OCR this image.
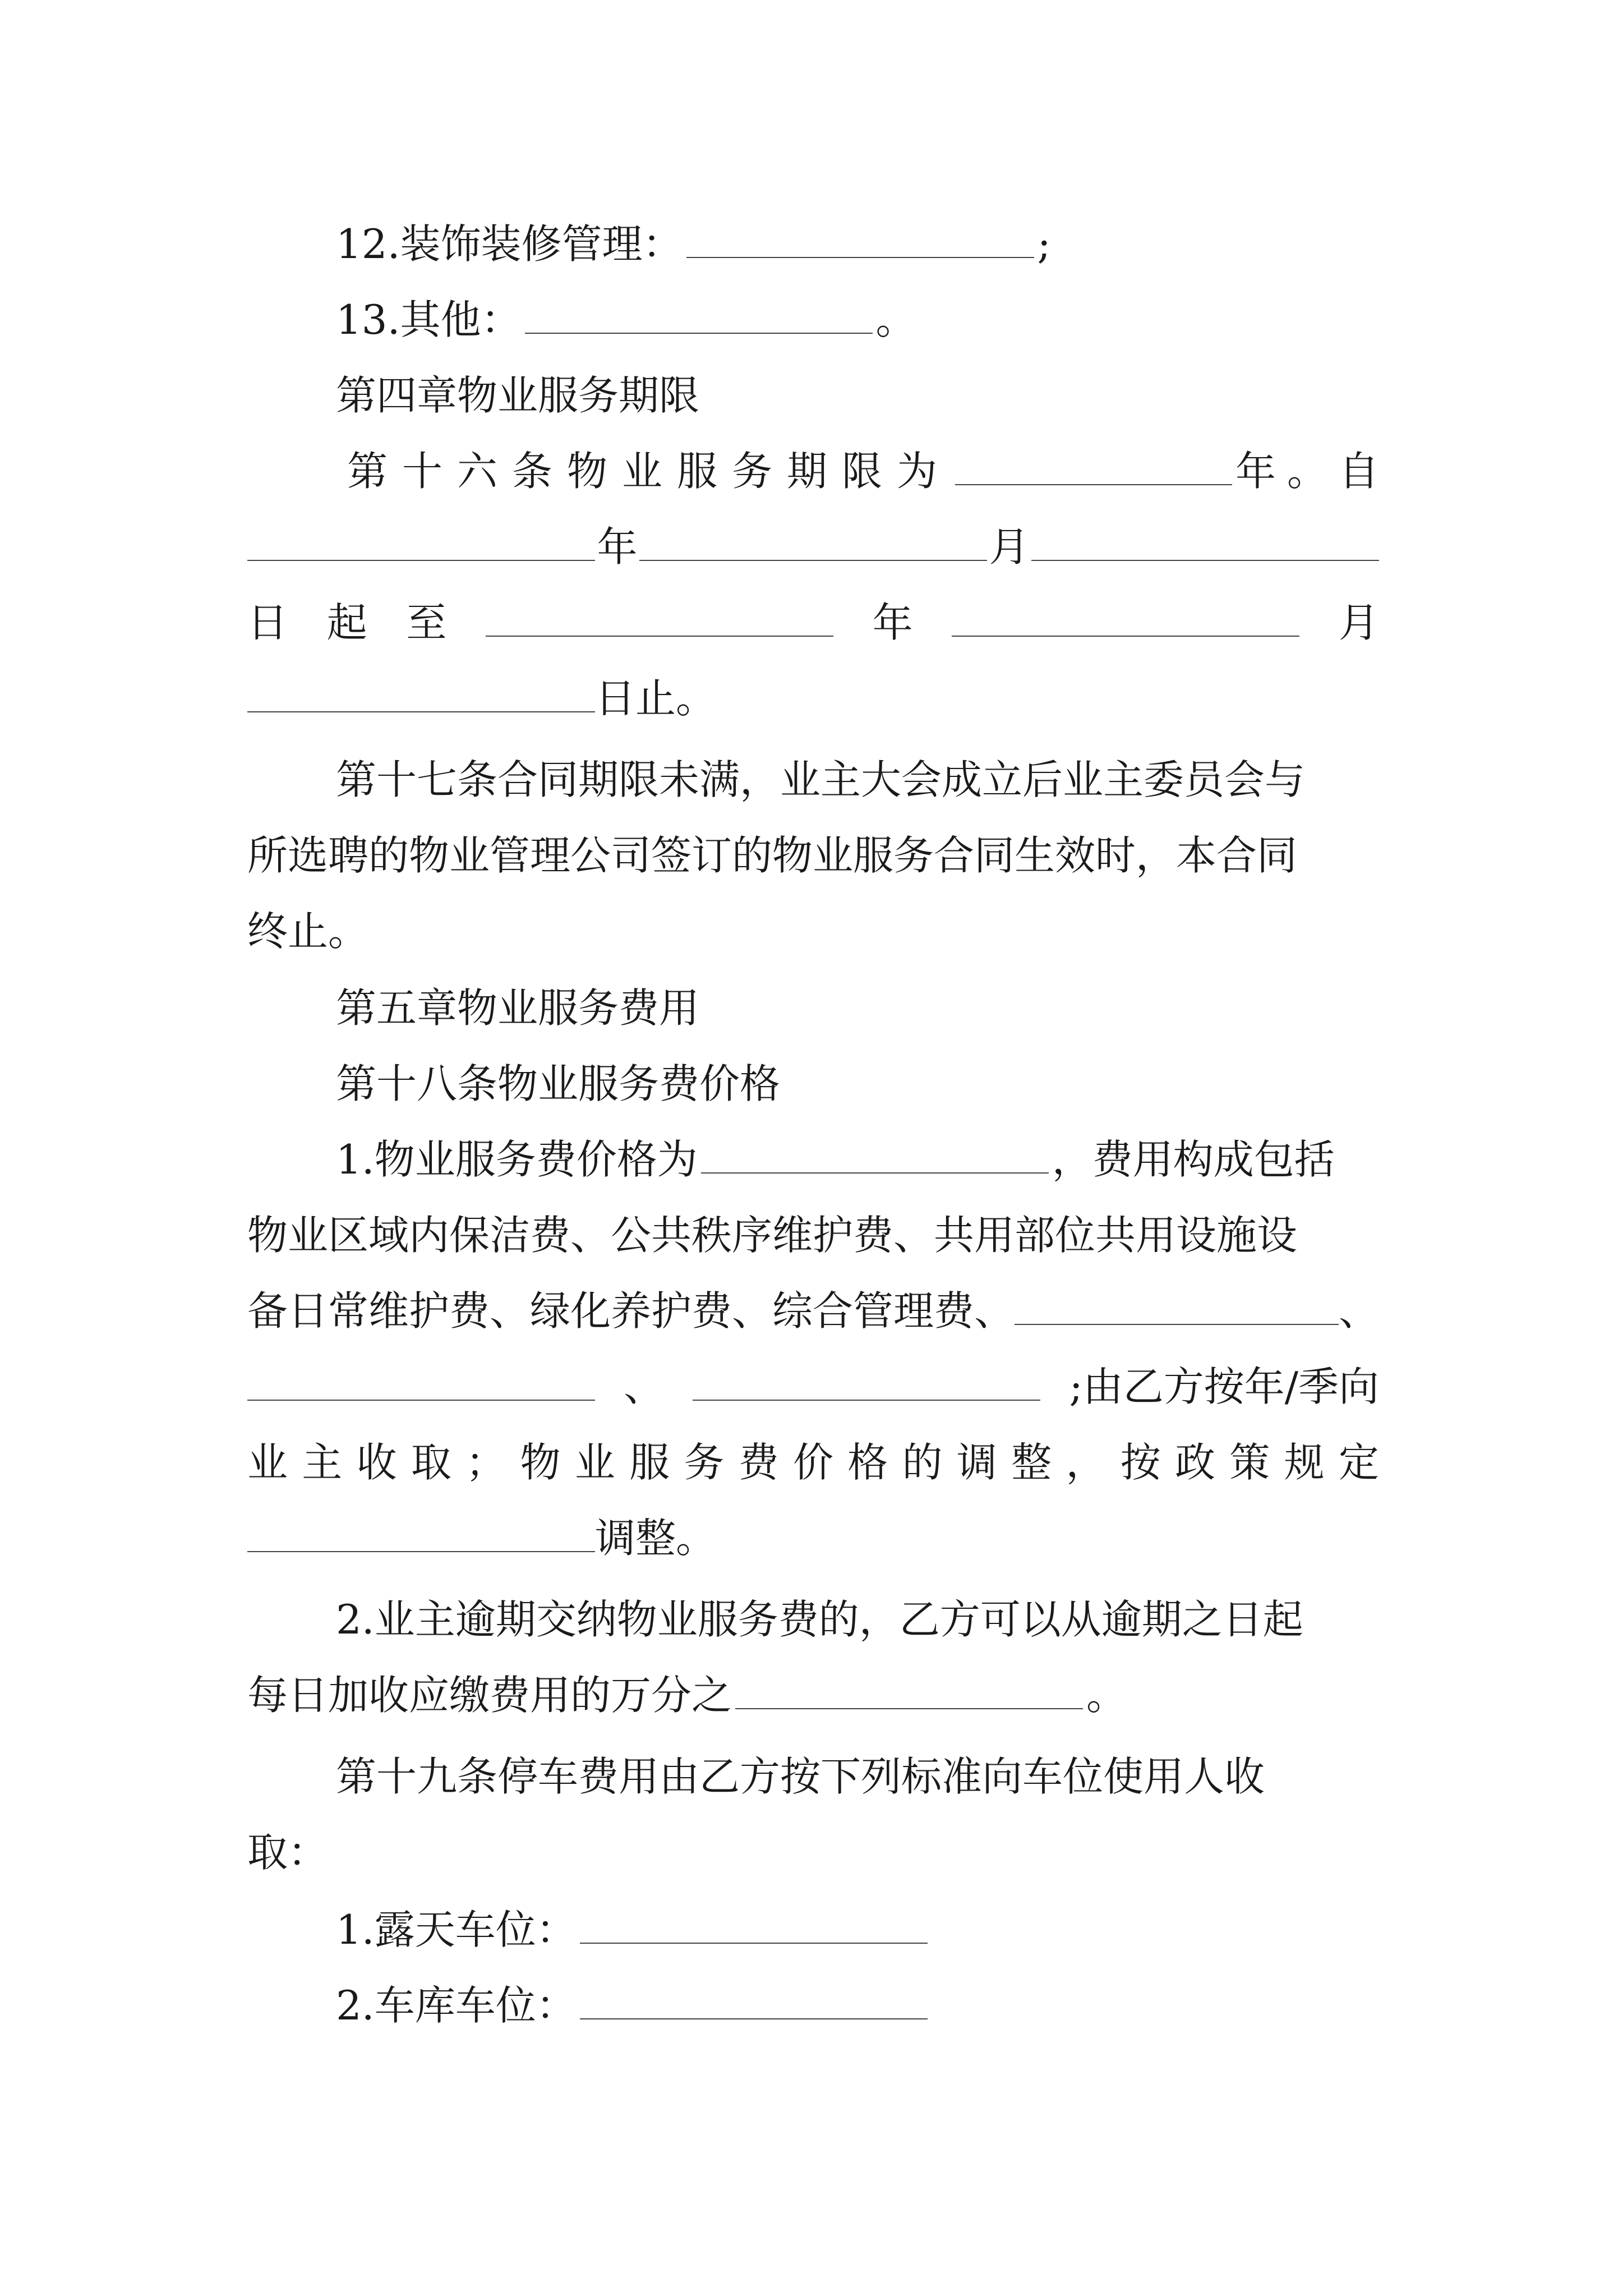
12.装饰装修管理：	;
13.其他：	。
第四章物业服务期限
第十六条物业服务期限为	年。自
年	月
日 起 至	年	月
日止。
第十七条合同期限未满，业主大会成立后业主委员会与
所选聘的物业管理公司签订的物业服务合同生效时，本合同
终止。
第五章物业服务费用
第十八条物业服务费价格
1.物业服务费价格为	，费用构成包括
物业区域内保洁费、公共秩序维护费、共用部位共用设施设
备日常维护费、绿化养护费、综合管理费、	、
、	;由乙方按年/季向
业 主 收 取 ； 物 业 服 务 费 价 格 的 调 整 ， 按 政 策 规 定
调整。
2.业主逾期交纳物业服务费的，乙方可以从逾期之日起
每日加收应缴费用的万分之	。
第十九条停车费用由乙方按下列标准向车位使用人收
取：
1.露天车位：
2.车库车位：
